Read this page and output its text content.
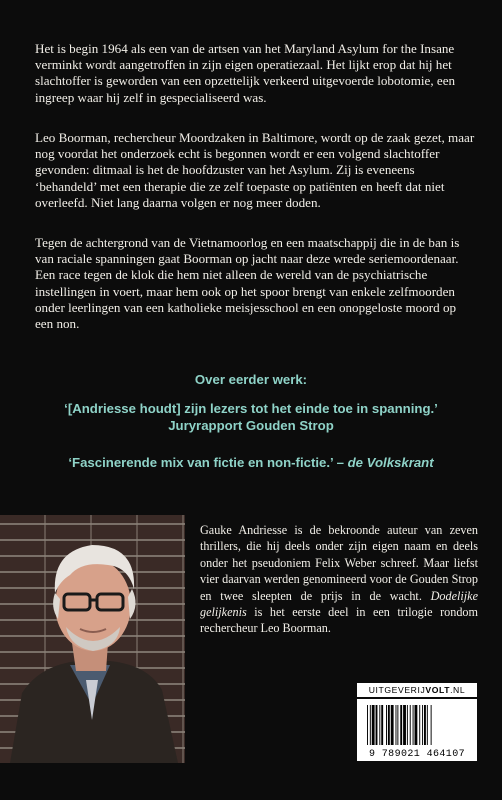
Het is begin 1964 als een van de artsen van het Maryland Asylum for the Insane verminkt wordt aangetroffen in zijn eigen operatiezaal. Het lijkt erop dat hij het slachtoffer is geworden van een opzettelijk verkeerd uitgevoerde lobotomie, een ingreep waar hij zelf in gespecialiseerd was.

Leo Boorman, rechercheur Moordzaken in Baltimore, wordt op de zaak gezet, maar nog voordat het onderzoek echt is begonnen wordt er een volgend slachtoffer gevonden: ditmaal is het de hoofdzuster van het Asylum. Zij is eveneens ‘behandeld’ met een therapie die ze zelf toepaste op patiënten en heeft dat niet overleefd. Niet lang daarna volgen er nog meer doden.

Tegen de achtergrond van de Vietnamoorlog en een maatschappij die in de ban is van raciale spanningen gaat Boorman op jacht naar deze wrede seriemoordenaar. Een race tegen de klok die hem niet alleen de wereld van de psychiatrische instellingen in voert, maar hem ook op het spoor brengt van enkele zelfmoorden onder leerlingen van een katholieke meisjesschool en een onopgeloste moord op een non.

Over eerder werk:
‘[Andriesse houdt] zijn lezers tot het einde toe in spanning.’
Juryrapport Gouden Strop
‘Fascinerende mix van fictie en non-fictie.’ – de Volkskrant
Gauke Andriesse is de bekroonde auteur van zeven thrillers, die hij deels onder zijn eigen naam en deels onder het pseudoniem Felix Weber schreef. Maar liefst vier daarvan werden genomineerd voor de Gouden Strop en twee sleepten de prijs in de wacht. Dodelijke gelijkenis is het eerste deel in een trilogie rondom rechercheur Leo Boorman.
UITGEVERIJVOLT.NL
9 789021 464107
